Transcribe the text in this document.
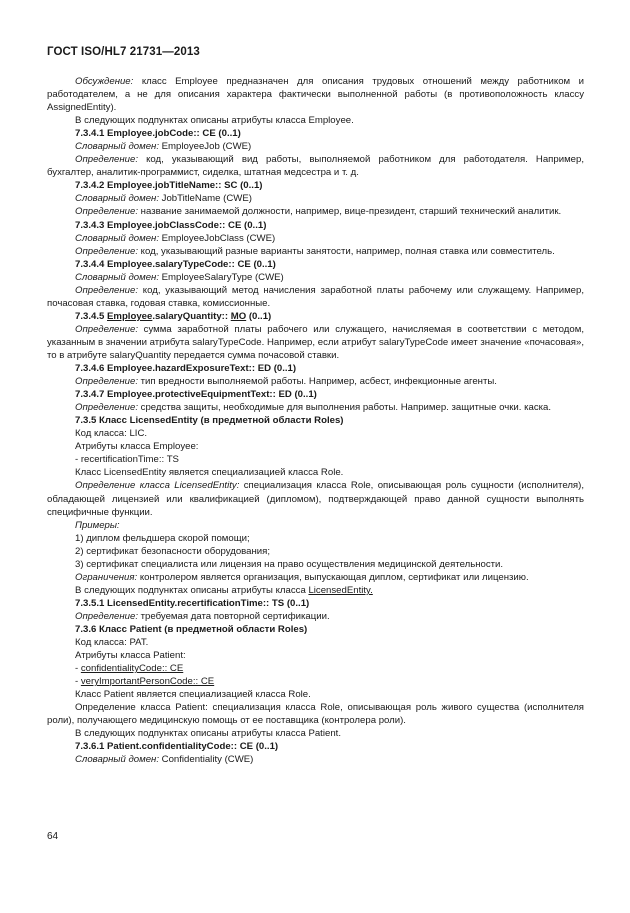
ГОСТ ISO/HL7 21731—2013

Обсуждение: класс Employee предназначен для описания трудовых отношений между работником и работодателем, а не для описания характера фактически выполненной работы (в противоположность классу AssignedEntity).

В следующих подпунктах описаны атрибуты класса Employee.

7.3.4.1 Employee.jobCode:: CE (0..1)

Словарный домен: EmployeeJob (CWE)

Определение: код, указывающий вид работы, выполняемой работником для работодателя. Например, бухгалтер, аналитик-программист, сиделка, штатная медсестра и т. д.

7.3.4.2 Employee.jobTitleName:: SC (0..1)

Словарный домен: JobTitleName (CWE)

Определение: название занимаемой должности, например, вице-президент, старший технический аналитик.

7.3.4.3 Employee.jobClassCode:: CE (0..1)

Словарный домен: EmployeeJobClass (CWE)

Определение: код, указывающий разные варианты занятости, например, полная ставка или совместитель.

7.3.4.4 Employee.salaryTypeCode:: CE (0..1)

Словарный домен: EmployeeSalaryType (CWE)

Определение: код, указывающий метод начисления заработной платы рабочему или служащему. Например, почасовая ставка, годовая ставка, комиссионные.

7.3.4.5 Employee.salaryQuantity:: MO (0..1)

Определение: сумма заработной платы рабочего или служащего, начисляемая в соответствии с методом, указанным в значении атрибута salaryTypeCode. Например, если атрибут salaryTypeCode имеет значение «почасовая», то в атрибуте salaryQuantity передается сумма почасовой ставки.

7.3.4.6 Employee.hazardExposureText:: ED (0..1)

Определение: тип вредности выполняемой работы. Например, асбест, инфекционные агенты.

7.3.4.7 Employee.protectiveEquipmentText:: ED (0..1)

Определение: средства защиты, необходимые для выполнения работы. Например. защитные очки. каска.

7.3.5 Класс LicensedEntity (в предметной области Roles)

Код класса: LIC.

Атрибуты класса Employee:

- recertificationTime:: TS

Класс LicensedEntity является специализацией класса Role.

Определение класса LicensedEntity: специализация класса Role, описывающая роль сущности (исполнителя), обладающей лицензией или квалификацией (дипломом), подтверждающей право данной сущности выполнять специфичные функции.

Примеры:

1) диплом фельдшера скорой помощи;

2) сертификат безопасности оборудования;

3) сертификат специалиста или лицензия на право осуществления медицинской деятельности.

Ограничения: контролером является организация, выпускающая диплом, сертификат или лицензию.

В следующих подпунктах описаны атрибуты класса LicensedEntity.

7.3.5.1 LicensedEntity.recertificationTime:: TS (0..1)

Определение: требуемая дата повторной сертификации.

7.3.6 Класс Patient (в предметной области Roles)

Код класса: PAT.

Атрибуты класса Patient:

- confidentialityCode:: CE

- veryImportantPersonCode:: CE

Класс Patient является специализацией класса Role.

Определение класса Patient: специализация класса Role, описывающая роль живого существа (исполнителя роли), получающего медицинскую помощь от ее поставщика (контролера роли).

В следующих подпунктах описаны атрибуты класса Patient.

7.3.6.1 Patient.confidentialityCode:: CE (0..1)

Словарный домен: Confidentiality (CWE)

64
